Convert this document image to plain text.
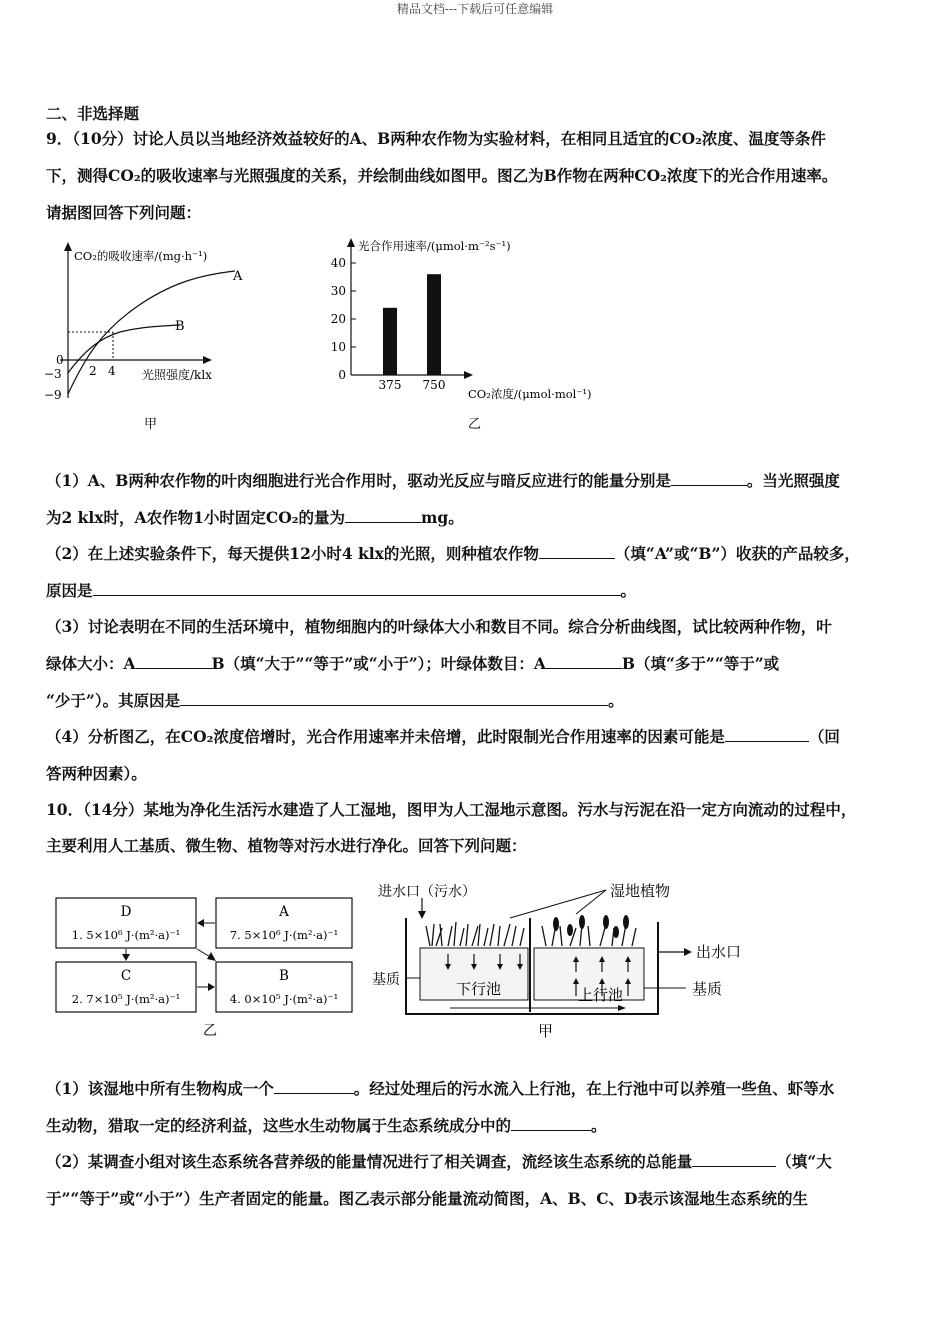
精品文档---下载后可任意编辑
二、非选择题
9．（10分）讨论人员以当地经济效益较好的A、B两种农作物为实验材料，在相同且适宜的CO₂浓度、温度等条件
下，测得CO₂的吸收速率与光照强度的关系，并绘制曲线如图甲。图乙为B作物在两种CO₂浓度下的光合作用速率。
请据图回答下列问题：
CO₂的吸收速率/(mg·h⁻¹)
A
B
0
−3
−9
2 4 光照强度/klx
甲
0
10
20
30
40
375 750
光合作用速率/(μmol·m⁻²s⁻¹)
CO₂浓度/(μmol·mol⁻¹)
乙
（1）A、B两种农作物的叶肉细胞进行光合作用时，驱动光反应与暗反应进行的能量分别是	。当光照强度
为2 klx时，A农作物1小时固定CO₂的量为	mg。
（2）在上述实验条件下，每天提供12小时4 klx的光照，则种植农作物	（填“A”或“B”）收获的产品较多，
原因是	。
（3）讨论表明在不同的生活环境中，植物细胞内的叶绿体大小和数目不同。综合分析曲线图，试比较两种作物，叶
绿体大小：A	B（填“大于”“等于”或“小于”）；叶绿体数目：A	B（填“多于”“等于”或
“少于”）。其原因是	。
（4）分析图乙，在CO₂浓度倍增时，光合作用速率并未倍增，此时限制光合作用速率的因素可能是	（回
答两种因素）。
10．（14分）某地为净化生活污水建造了人工湿地，图甲为人工湿地示意图。污水与污泥在沿一定方向流动的过程中，
主要利用人工基质、微生物、植物等对污水进行净化。回答下列问题：
D
1. 5×10⁶ J·(m²·a)⁻¹
A
7. 5×10⁶ J·(m²·a)⁻¹
C
2. 7×10⁵ J·(m²·a)⁻¹
B
4. 0×10⁵ J·(m²·a)⁻¹
乙
进水口（污水）	湿地植物
出水口
基质	基质
下行池	上行池
甲
（1）该湿地中所有生物构成一个	。经过处理后的污水流入上行池，在上行池中可以养殖一些鱼、虾等水
生动物，猎取一定的经济利益，这些水生动物属于生态系统成分中的	。
（2）某调查小组对该生态系统各营养级的能量情况进行了相关调查，流经该生态系统的总能量	（填“大
于”“等于”或“小于”）生产者固定的能量。图乙表示部分能量流动简图，A、B、C、D表示该湿地生态系统的生
